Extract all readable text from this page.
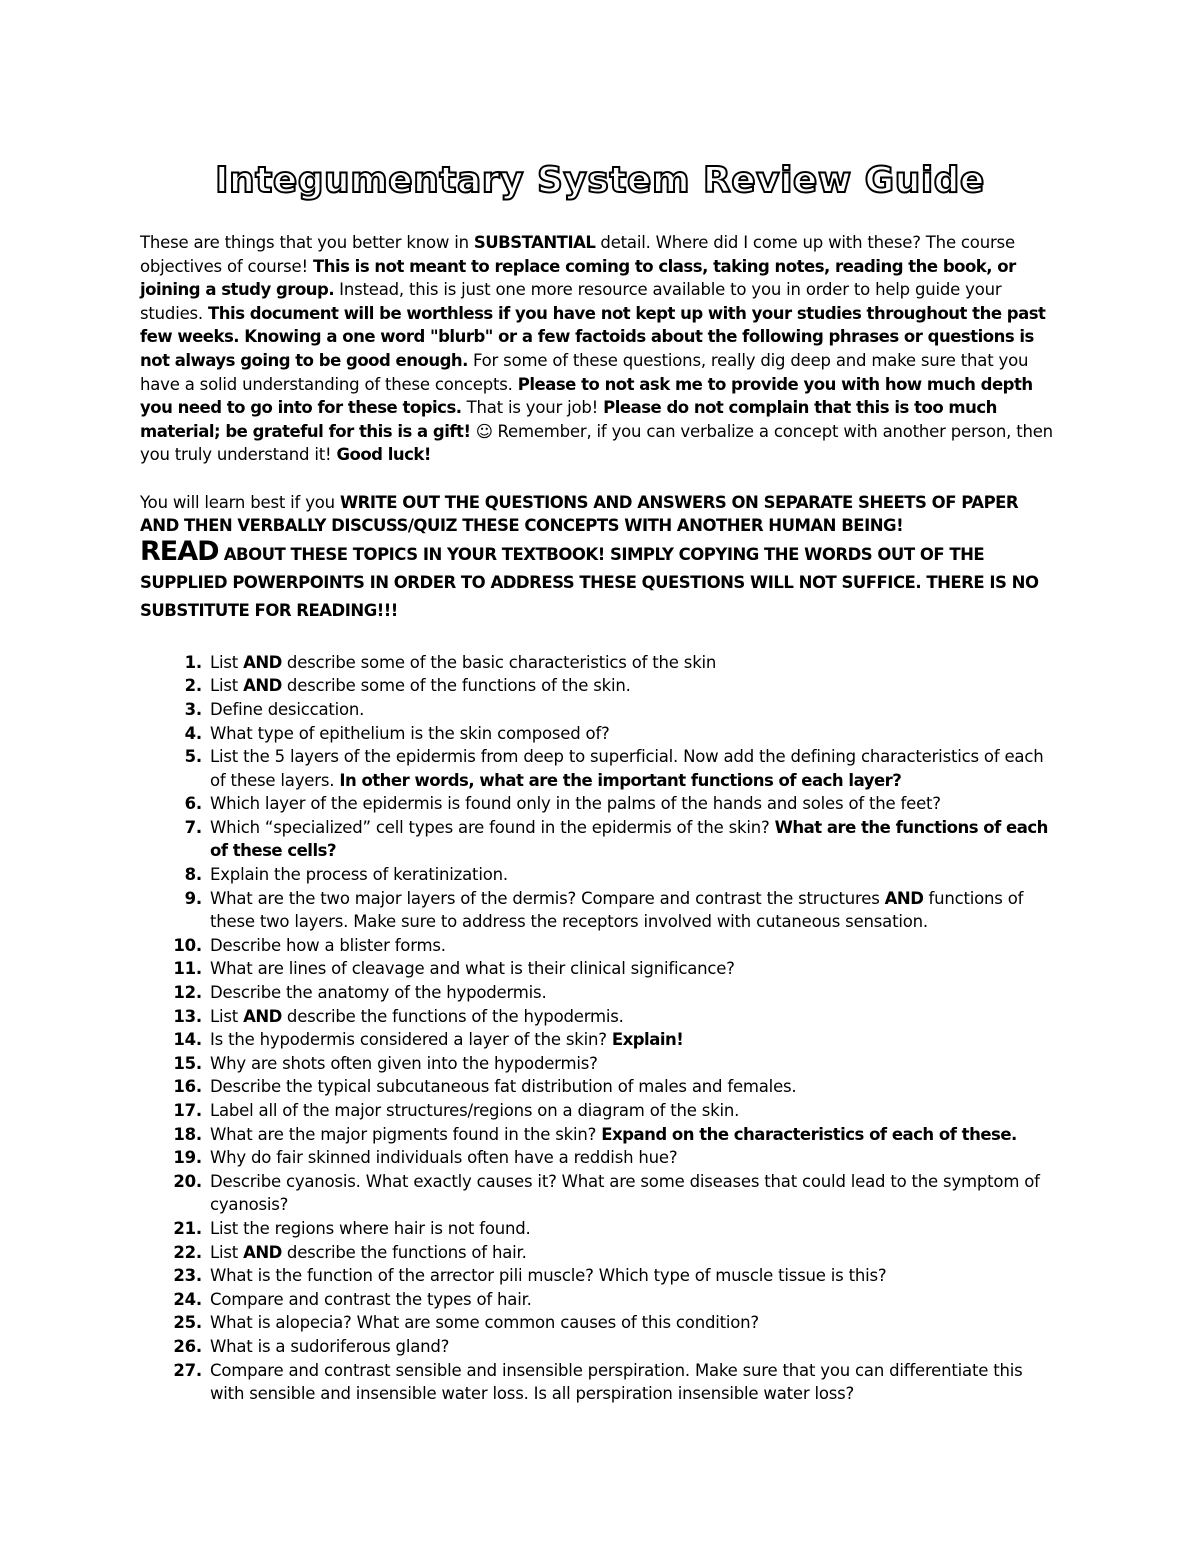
Integumentary System Review Guide

These are things that you better know in SUBSTANTIAL detail. Where did I come up with these? The course objectives of course! This is not meant to replace coming to class, taking notes, reading the book, or joining a study group. Instead, this is just one more resource available to you in order to help guide your studies. This document will be worthless if you have not kept up with your studies throughout the past few weeks. Knowing a one word "blurb" or a few factoids about the following phrases or questions is not always going to be good enough. For some of these questions, really dig deep and make sure that you have a solid understanding of these concepts. Please to not ask me to provide you with how much depth you need to go into for these topics. That is your job! Please do not complain that this is too much material; be grateful for this is a gift! ☺ Remember, if you can verbalize a concept with another person, then you truly understand it! Good luck!

You will learn best if you WRITE OUT THE QUESTIONS AND ANSWERS ON SEPARATE SHEETS OF PAPER AND THEN VERBALLY DISCUSS/QUIZ THESE CONCEPTS WITH ANOTHER HUMAN BEING!

READ ABOUT THESE TOPICS IN YOUR TEXTBOOK! SIMPLY COPYING THE WORDS OUT OF THE SUPPLIED POWERPOINTS IN ORDER TO ADDRESS THESE QUESTIONS WILL NOT SUFFICE. THERE IS NO SUBSTITUTE FOR READING!!!

1. List AND describe some of the basic characteristics of the skin
2. List AND describe some of the functions of the skin.
3. Define desiccation.
4. What type of epithelium is the skin composed of?
5. List the 5 layers of the epidermis from deep to superficial. Now add the defining characteristics of each of these layers. In other words, what are the important functions of each layer?
6. Which layer of the epidermis is found only in the palms of the hands and soles of the feet?
7. Which “specialized” cell types are found in the epidermis of the skin? What are the functions of each of these cells?
8. Explain the process of keratinization.
9. What are the two major layers of the dermis? Compare and contrast the structures AND functions of these two layers. Make sure to address the receptors involved with cutaneous sensation.
10. Describe how a blister forms.
11. What are lines of cleavage and what is their clinical significance?
12. Describe the anatomy of the hypodermis.
13. List AND describe the functions of the hypodermis.
14. Is the hypodermis considered a layer of the skin? Explain!
15. Why are shots often given into the hypodermis?
16. Describe the typical subcutaneous fat distribution of males and females.
17. Label all of the major structures/regions on a diagram of the skin.
18. What are the major pigments found in the skin? Expand on the characteristics of each of these.
19. Why do fair skinned individuals often have a reddish hue?
20. Describe cyanosis. What exactly causes it? What are some diseases that could lead to the symptom of cyanosis?
21. List the regions where hair is not found.
22. List AND describe the functions of hair.
23. What is the function of the arrector pili muscle? Which type of muscle tissue is this?
24. Compare and contrast the types of hair.
25. What is alopecia? What are some common causes of this condition?
26. What is a sudoriferous gland?
27. Compare and contrast sensible and insensible perspiration. Make sure that you can differentiate this with sensible and insensible water loss. Is all perspiration insensible water loss?
